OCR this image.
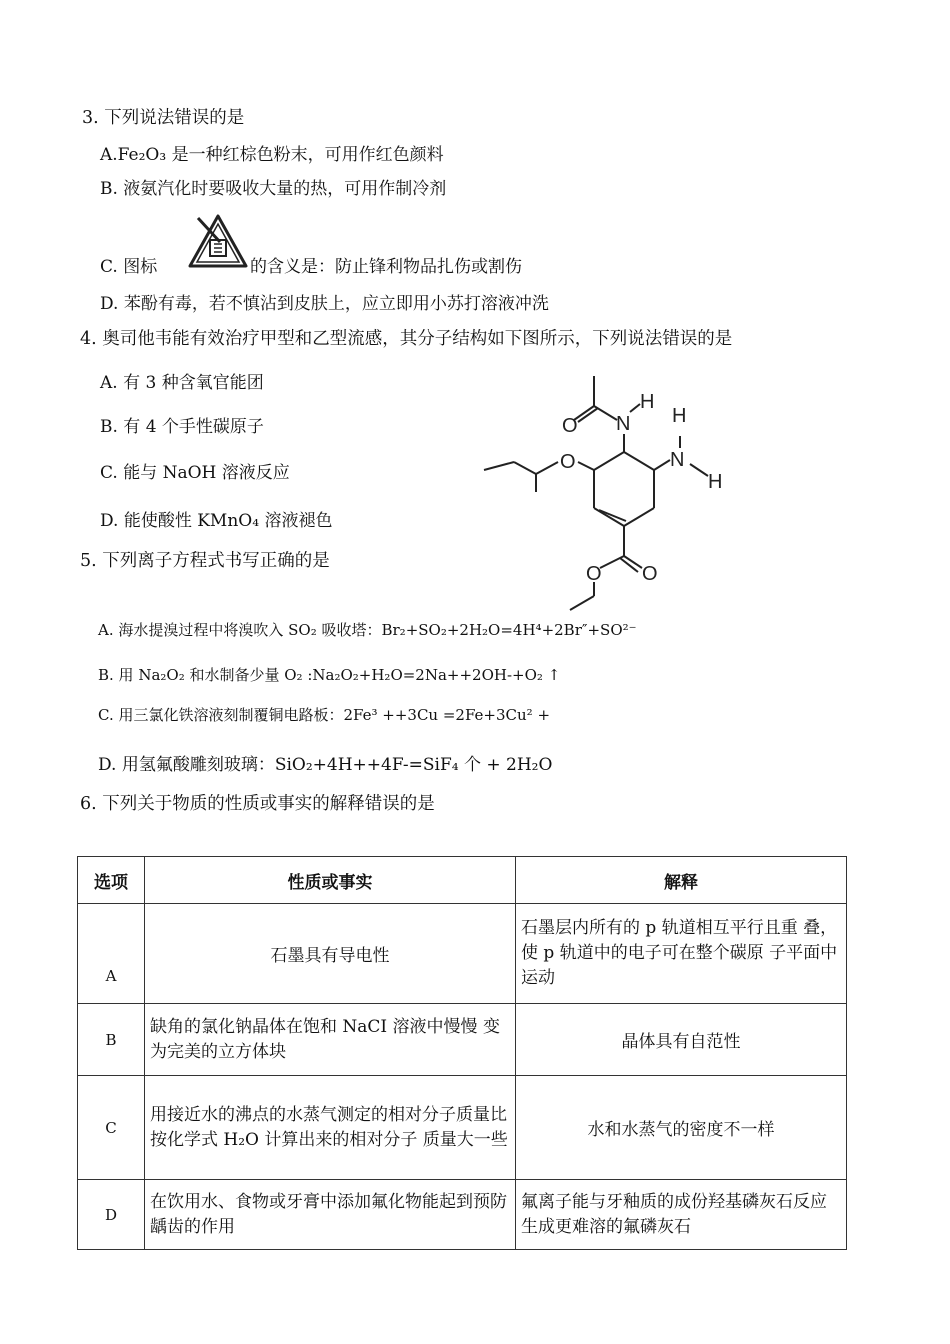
3. 下列说法错误的是
A.Fe₂O₃ 是一种红棕色粉末，可用作红色颜料
B. 液氨汽化时要吸收大量的热，可用作制冷剂
C. 图标	的含义是：防止锋利物品扎伤或割伤
D. 苯酚有毒，若不慎沾到皮肤上，应立即用小苏打溶液冲洗
4. 奥司他韦能有效治疗甲型和乙型流感，其分子结构如下图所示，下列说法错误的是
A. 有 3 种含氧官能团
B. 有 4 个手性碳原子
C. 能与 NaOH 溶液反应
D. 能使酸性 KMnO₄ 溶液褪色
O N
H
H
N
H
O
O
O
5. 下列离子方程式书写正确的是
A. 海水提溴过程中将溴吹入 SO₂ 吸收塔：Br₂+SO₂+2H₂O=4H⁴+2Br″+SO²⁻
B. 用 Na₂O₂ 和水制备少量 O₂ :Na₂O₂+H₂O=2Na++2OH-+O₂ ↑
C. 用三氯化铁溶液刻制覆铜电路板：2Fe³ ++3Cu =2Fe+3Cu² +
D. 用氢氟酸雕刻玻璃：SiO₂+4H++4F-=SiF₄ 个 + 2H₂O
6. 下列关于物质的性质或事实的解释错误的是
选项	性质或事实	解释
A	石墨具有导电性	石墨层内所有的 p 轨道相互平行且重 叠，使 p 轨道中的电子可在整个碳原 子平面中运动
B	缺角的氯化钠晶体在饱和 NaCI 溶液中慢慢 变为完美的立方体块	晶体具有自范性
C	用接近水的沸点的水蒸气测定的相对分子质量比按化学式 H₂O 计算出来的相对分子 质量大一些	水和水蒸气的密度不一样
D	在饮用水、食物或牙膏中添加氟化物能起到预防龋齿的作用	氟离子能与牙釉质的成份羟基磷灰石反应生成更难溶的氟磷灰石
